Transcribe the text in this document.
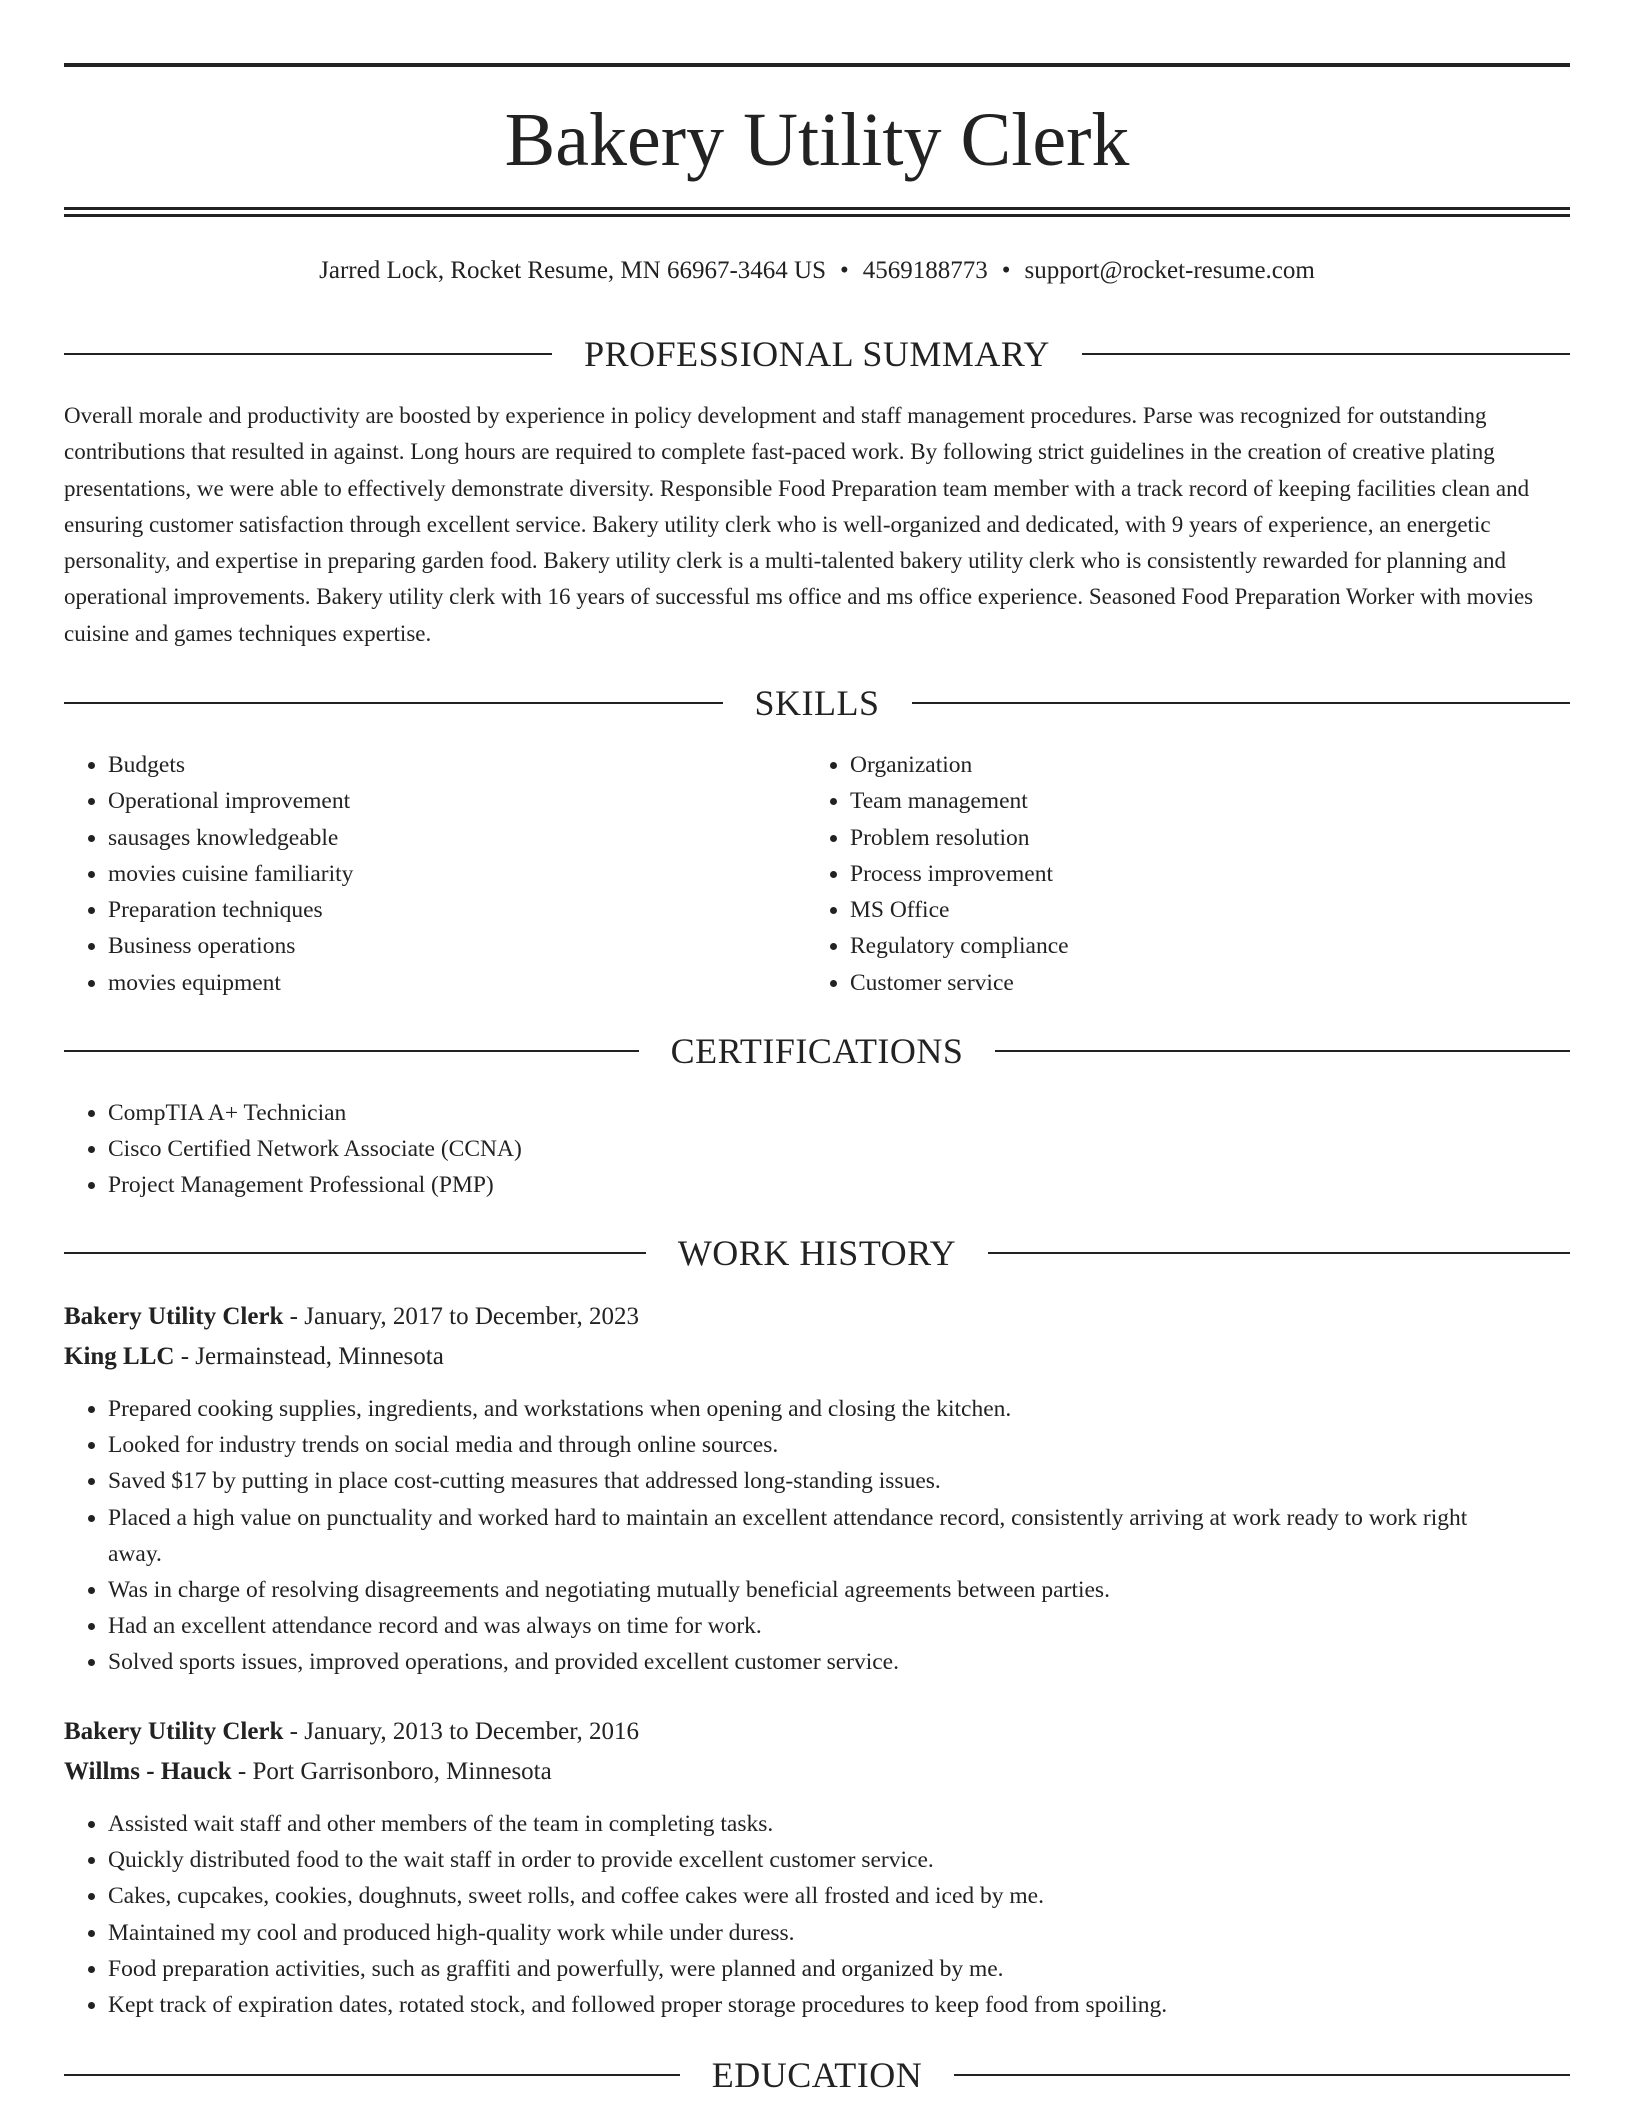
Bakery Utility Clerk
Jarred Lock, Rocket Resume, MN 66967-3464 US • 4569188773 • support@rocket-resume.com
PROFESSIONAL SUMMARY

Overall morale and productivity are boosted by experience in policy development and staff management procedures. Parse was recognized for outstanding contributions that resulted in against. Long hours are required to complete fast-paced work. By following strict guidelines in the creation of creative plating presentations, we were able to effectively demonstrate diversity. Responsible Food Preparation team member with a track record of keeping facilities clean and ensuring customer satisfaction through excellent service. Bakery utility clerk who is well-organized and dedicated, with 9 years of experience, an energetic personality, and expertise in preparing garden food. Bakery utility clerk is a multi-talented bakery utility clerk who is consistently rewarded for planning and operational improvements. Bakery utility clerk with 16 years of successful ms office and ms office experience. Seasoned Food Preparation Worker with movies cuisine and games techniques expertise.

SKILLS
• Budgets
• Operational improvement
• sausages knowledgeable
• movies cuisine familiarity
• Preparation techniques
• Business operations
• movies equipment
• Organization
• Team management
• Problem resolution
• Process improvement
• MS Office
• Regulatory compliance
• Customer service
CERTIFICATIONS
• CompTIA A+ Technician
• Cisco Certified Network Associate (CCNA)
• Project Management Professional (PMP)
WORK HISTORY
Bakery Utility Clerk - January, 2017 to December, 2023
King LLC - Jermainstead, Minnesota
• Prepared cooking supplies, ingredients, and workstations when opening and closing the kitchen.
• Looked for industry trends on social media and through online sources.
• Saved $17 by putting in place cost-cutting measures that addressed long-standing issues.
• Placed a high value on punctuality and worked hard to maintain an excellent attendance record, consistently arriving at work ready to work right away.
• Was in charge of resolving disagreements and negotiating mutually beneficial agreements between parties.
• Had an excellent attendance record and was always on time for work.
• Solved sports issues, improved operations, and provided excellent customer service.
Bakery Utility Clerk - January, 2013 to December, 2016
Willms - Hauck - Port Garrisonboro, Minnesota
• Assisted wait staff and other members of the team in completing tasks.
• Quickly distributed food to the wait staff in order to provide excellent customer service.
• Cakes, cupcakes, cookies, doughnuts, sweet rolls, and coffee cakes were all frosted and iced by me.
• Maintained my cool and produced high-quality work while under duress.
• Food preparation activities, such as graffiti and powerfully, were planned and organized by me.
• Kept track of expiration dates, rotated stock, and followed proper storage procedures to keep food from spoiling.
EDUCATION
